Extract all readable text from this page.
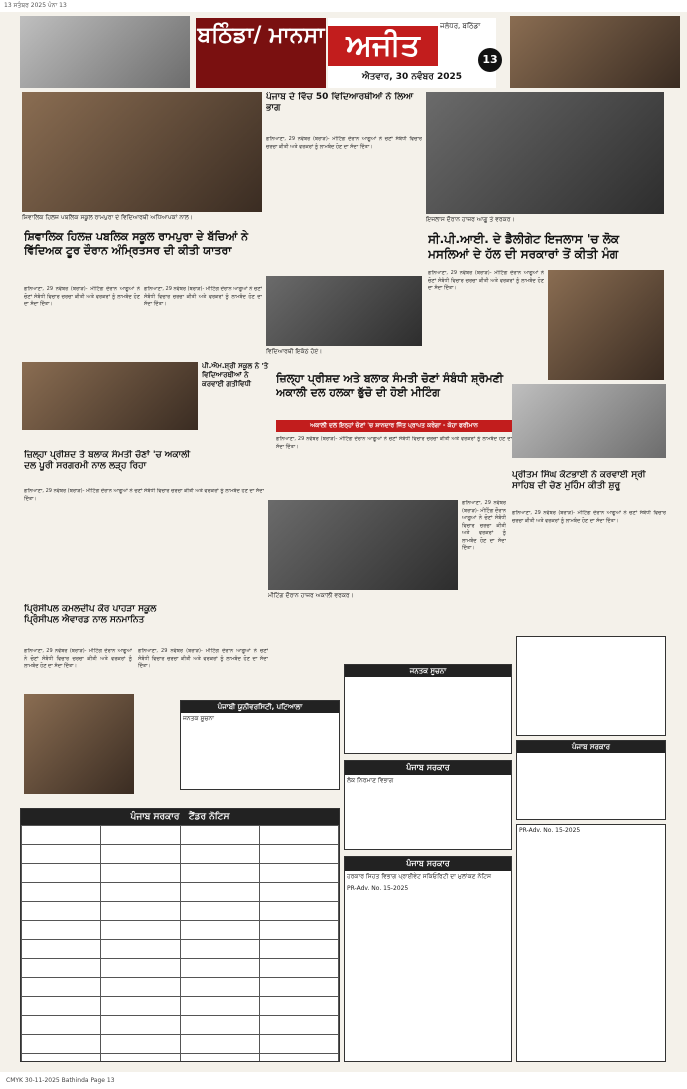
13 ਸਤੰਬਰ 2025 ਪੰਨਾ 13
ਬਠਿੰਡਾ/ ਮਾਨਸਾ ਅਜੀਤ
ਜਲੰਧਰ, ਬਠਿੰਡਾ
ਐਤਵਾਰ, 30 ਨਵੰਬਰ 2025
13
ਸ਼ਿਵਾਲਿਕ ਹਿਲਜ਼ ਪਬਲਿਕ ਸਕੂਲ ਰਾਮਪੁਰਾ ਦੇ ਵਿਦਿਆਰਥੀ ਅਧਿਆਪਕਾਂ ਨਾਲ।
ਪੰਜਾਬ ਦੇ ਵਿੱਚ 50 ਵਿਦਿਆਰਥੀਆਂ ਨੇ ਲਿਆ ਭਾਗ
ਗੋਨਿਆਣਾ, 29 ਨਵੰਬਰ (ਬਰਾੜ)- ਮੀਟਿੰਗ ਦੌਰਾਨ ਆਗੂਆਂ ਨੇ ਚੋਣਾਂ ਸੰਬੰਧੀ ਵਿਚਾਰ ਚਰਚਾ ਕੀਤੀ ਅਤੇ ਵਰਕਰਾਂ ਨੂੰ ਲਾਮਬੰਦ ਹੋਣ ਦਾ ਸੱਦਾ ਦਿੱਤਾ।
ਵਿਦਿਆਰਥੀ ਇਕੱਠੇ ਹੋਏ।
ਇਜਲਾਸ ਦੌਰਾਨ ਹਾਜ਼ਰ ਆਗੂ ਤੇ ਵਰਕਰ।
ਸੀ.ਪੀ.ਆਈ. ਦੇ ਡੈਲੀਗੇਟ ਇਜਲਾਸ 'ਚ ਲੋਕ ਮਸਲਿਆਂ ਦੇ ਹੱਲ ਦੀ ਸਰਕਾਰਾਂ ਤੋਂ ਕੀਤੀ ਮੰਗ
ਗੋਨਿਆਣਾ, 29 ਨਵੰਬਰ (ਬਰਾੜ)- ਮੀਟਿੰਗ ਦੌਰਾਨ ਆਗੂਆਂ ਨੇ ਚੋਣਾਂ ਸੰਬੰਧੀ ਵਿਚਾਰ ਚਰਚਾ ਕੀਤੀ ਅਤੇ ਵਰਕਰਾਂ ਨੂੰ ਲਾਮਬੰਦ ਹੋਣ ਦਾ ਸੱਦਾ ਦਿੱਤਾ।
ਸ਼ਿਵਾਲਿਕ ਹਿਲਜ਼ ਪਬਲਿਕ ਸਕੂਲ ਰਾਮਪੁਰਾ ਦੇ ਬੱਚਿਆਂ ਨੇ ਵਿੱਦਿਅਕ ਟੂਰ ਦੌਰਾਨ ਅੰਮ੍ਰਿਤਸਰ ਦੀ ਕੀਤੀ ਯਾਤਰਾ
ਗੋਨਿਆਣਾ, 29 ਨਵੰਬਰ (ਬਰਾੜ)- ਮੀਟਿੰਗ ਦੌਰਾਨ ਆਗੂਆਂ ਨੇ ਚੋਣਾਂ ਸੰਬੰਧੀ ਵਿਚਾਰ ਚਰਚਾ ਕੀਤੀ ਅਤੇ ਵਰਕਰਾਂ ਨੂੰ ਲਾਮਬੰਦ ਹੋਣ ਦਾ ਸੱਦਾ ਦਿੱਤਾ।
ਗੋਨਿਆਣਾ, 29 ਨਵੰਬਰ (ਬਰਾੜ)- ਮੀਟਿੰਗ ਦੌਰਾਨ ਆਗੂਆਂ ਨੇ ਚੋਣਾਂ ਸੰਬੰਧੀ ਵਿਚਾਰ ਚਰਚਾ ਕੀਤੀ ਅਤੇ ਵਰਕਰਾਂ ਨੂੰ ਲਾਮਬੰਦ ਹੋਣ ਦਾ ਸੱਦਾ ਦਿੱਤਾ।
ਪੀ.ਐਮ.ਸ਼੍ਰੀ ਸਕੂਲ ਨੇ 'ਤੇ ਵਿਦਿਆਰਥੀਆਂ ਨੇ ਕਰਵਾਈ ਗਤੀਵਿਧੀ
ਜ਼ਿਲ੍ਹਾ ਪ੍ਰੀਸ਼ਦ ਤੇ ਬਲਾਕ ਸੰਮਤੀ ਚੋਣਾਂ 'ਚ ਅਕਾਲੀ ਦਲ ਪੂਰੀ ਸਰਗਰਮੀ ਨਾਲ ਲੜ੍ਹ ਰਿਹਾ
ਗੋਨਿਆਣਾ, 29 ਨਵੰਬਰ (ਬਰਾੜ)- ਮੀਟਿੰਗ ਦੌਰਾਨ ਆਗੂਆਂ ਨੇ ਚੋਣਾਂ ਸੰਬੰਧੀ ਵਿਚਾਰ ਚਰਚਾ ਕੀਤੀ ਅਤੇ ਵਰਕਰਾਂ ਨੂੰ ਲਾਮਬੰਦ ਹੋਣ ਦਾ ਸੱਦਾ ਦਿੱਤਾ।
ਜ਼ਿਲ੍ਹਾ ਪ੍ਰੀਸ਼ਦ ਅਤੇ ਬਲਾਕ ਸੰਮਤੀ ਚੋਣਾਂ ਸੰਬੰਧੀ ਸ਼੍ਰੋਮਣੀ ਅਕਾਲੀ ਦਲ ਹਲਕਾ ਭੁੱਚੋ ਦੀ ਹੋਈ ਮੀਟਿੰਗ
ਅਕਾਲੀ ਦਲ ਇਨ੍ਹਾਂ ਚੋਣਾਂ 'ਚ ਸ਼ਾਨਦਾਰ ਜਿੱਤ ਪ੍ਰਾਪਤ ਕਰੇਗਾ - ਕੋਹਾ ਫਰੀਮਾਨ
ਗੋਨਿਆਣਾ, 29 ਨਵੰਬਰ (ਬਰਾੜ)- ਮੀਟਿੰਗ ਦੌਰਾਨ ਆਗੂਆਂ ਨੇ ਚੋਣਾਂ ਸੰਬੰਧੀ ਵਿਚਾਰ ਚਰਚਾ ਕੀਤੀ ਅਤੇ ਵਰਕਰਾਂ ਨੂੰ ਲਾਮਬੰਦ ਹੋਣ ਦਾ ਸੱਦਾ ਦਿੱਤਾ।
ਮੀਟਿੰਗ ਦੌਰਾਨ ਹਾਜ਼ਰ ਅਕਾਲੀ ਵਰਕਰ।
ਗੋਨਿਆਣਾ, 29 ਨਵੰਬਰ (ਬਰਾੜ)- ਮੀਟਿੰਗ ਦੌਰਾਨ ਆਗੂਆਂ ਨੇ ਚੋਣਾਂ ਸੰਬੰਧੀ ਵਿਚਾਰ ਚਰਚਾ ਕੀਤੀ ਅਤੇ ਵਰਕਰਾਂ ਨੂੰ ਲਾਮਬੰਦ ਹੋਣ ਦਾ ਸੱਦਾ ਦਿੱਤਾ।
ਪ੍ਰੀਤਮ ਸਿੰਘ ਕੋਟਭਾਈ ਨੇ ਕਰਵਾਈ ਸ੍ਰੀ ਸਾਹਿਬ ਦੀ ਚੋਣ ਮੁਹਿੰਮ ਕੀਤੀ ਸ਼ੁਰੂ
ਗੋਨਿਆਣਾ, 29 ਨਵੰਬਰ (ਬਰਾੜ)- ਮੀਟਿੰਗ ਦੌਰਾਨ ਆਗੂਆਂ ਨੇ ਚੋਣਾਂ ਸੰਬੰਧੀ ਵਿਚਾਰ ਚਰਚਾ ਕੀਤੀ ਅਤੇ ਵਰਕਰਾਂ ਨੂੰ ਲਾਮਬੰਦ ਹੋਣ ਦਾ ਸੱਦਾ ਦਿੱਤਾ।
ਪ੍ਰਿੰਸੀਪਲ ਕਮਲਦੀਪ ਕੌਰ ਪਾਹੜਾ ਸਕੂਲ ਪ੍ਰਿੰਸੀਪਲ ਐਵਾਰਡ ਨਾਲ ਸਨਮਾਨਿਤ
ਗੋਨਿਆਣਾ, 29 ਨਵੰਬਰ (ਬਰਾੜ)- ਮੀਟਿੰਗ ਦੌਰਾਨ ਆਗੂਆਂ ਨੇ ਚੋਣਾਂ ਸੰਬੰਧੀ ਵਿਚਾਰ ਚਰਚਾ ਕੀਤੀ ਅਤੇ ਵਰਕਰਾਂ ਨੂੰ ਲਾਮਬੰਦ ਹੋਣ ਦਾ ਸੱਦਾ ਦਿੱਤਾ।
ਗੋਨਿਆਣਾ, 29 ਨਵੰਬਰ (ਬਰਾੜ)- ਮੀਟਿੰਗ ਦੌਰਾਨ ਆਗੂਆਂ ਨੇ ਚੋਣਾਂ ਸੰਬੰਧੀ ਵਿਚਾਰ ਚਰਚਾ ਕੀਤੀ ਅਤੇ ਵਰਕਰਾਂ ਨੂੰ ਲਾਮਬੰਦ ਹੋਣ ਦਾ ਸੱਦਾ ਦਿੱਤਾ।
ਪੰਜਾਬੀ ਯੂਨੀਵਰਸਿਟੀ, ਪਟਿਆਲਾ
ਜਨਤਕ ਸੂਚਨਾ
ਜਨਤਕ ਸੂਚਨਾ
ਪੰਜਾਬ ਸਰਕਾਰ
ਲੋਕ ਨਿਰਮਾਣ ਵਿਭਾਗ
ਪੰਜਾਬ ਸਰਕਾਰ
ਪੰਜਾਬ ਸਰਕਾਰ ਟੈਂਡਰ ਨੋਟਿਸ

ਪੰਜਾਬ ਸਰਕਾਰ
ਹਰਕਾਰ ਸਿਹਤ ਵਿਭਾਗ ਪ੍ਰਾਈਵੇਟ ਸਕਿਓਰਿਟੀ ਦਾ ਮੁਲਾਂਕਣ ਨੋਟਿਸ
PR-Adv. No. 15-2025
PR-Adv. No. 15-2025
CMYK 30-11-2025 Bathinda Page 13
